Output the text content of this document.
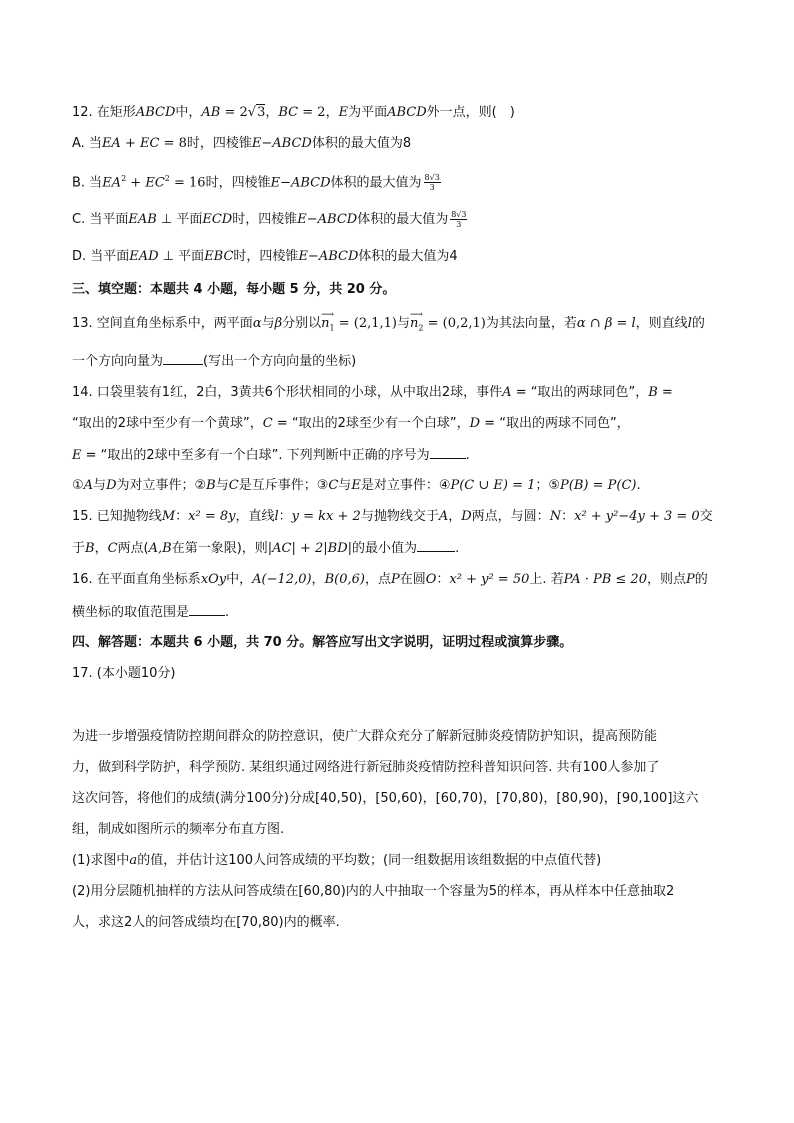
12. 在矩形ABCD中，AB = 2√3，BC = 2，E为平面ABCD外一点，则(　)
A. 当EA + EC = 8时，四棱锥E−ABCD体积的最大值为8
B. 当$EA^2 + EC^2 = 16$时，四棱锥E−ABCD体积的最大值为 $\frac{8√3}{3}$
C. 当平面EAB ⊥ 平面ECD时，四棱锥E−ABCD体积的最大值为 $\frac{8√3}{3}$
D. 当平面EAD ⊥ 平面EBC时，四棱锥E−ABCD体积的最大值为4
三、填空题：本题共 4 小题，每小题 5 分，共 20 分。
13. 空间直角坐标系中，两平面α与β分别以⟶ $n_1 = (2,1,1)$与⟶ $n_2 = (0,2,1)$为其法向量，若α ∩ β = l，则直线l的
一个方向向量为	(写出一个方向向量的坐标)
14. 口袋里装有1红，2白，3黄共6个形状相同的小球，从中取出2球，事件A = “取出的两球同色”，B =
“取出的2球中至少有一个黄球”，C = “取出的2球至少有一个白球”，D = “取出的两球不同色”，
E = “取出的2球中至多有一个白球”. 下列判断中正确的序号为	.
①A与D为对立事件；②B与C是互斥事件；③C与E是对立事件：④P(C ∪ E) = 1；⑤P(B) = P(C).
15. 已知抛物线M：x² = 8y，直线l：y = kx + 2与抛物线交于A，D两点，与圆：N：x² + y²−4y + 3 = 0交
于B，C两点(A,B在第一象限)，则|AC| + 2|BD|的最小值为	.
16. 在平面直角坐标系xOy中，A(−12,0)，B(0,6)，点P在圆O：x² + y² = 50上. 若PA · PB ≤ 20，则点P的
横坐标的取值范围是	.
四、解答题：本题共 6 小题，共 70 分。解答应写出文字说明，证明过程或演算步骤。
17. (本小题10分)
为进一步增强疫情防控期间群众的防控意识，使广大群众充分了解新冠肺炎疫情防护知识，提高预防能
力，做到科学防护，科学预防. 某组织通过网络进行新冠肺炎疫情防控科普知识问答. 共有100人参加了
这次问答，将他们的成绩(满分100分)分成[40,50)，[50,60)，[60,70)，[70,80)，[80,90)，[90,100]这六
组，制成如图所示的频率分布直方图.
(1)求图中a的值，并估计这100人问答成绩的平均数；(同一组数据用该组数据的中点值代替)
(2)用分层随机抽样的方法从问答成绩在[60,80)内的人中抽取一个容量为5的样本，再从样本中任意抽取2
人，求这2人的问答成绩均在[70,80)内的概率.
